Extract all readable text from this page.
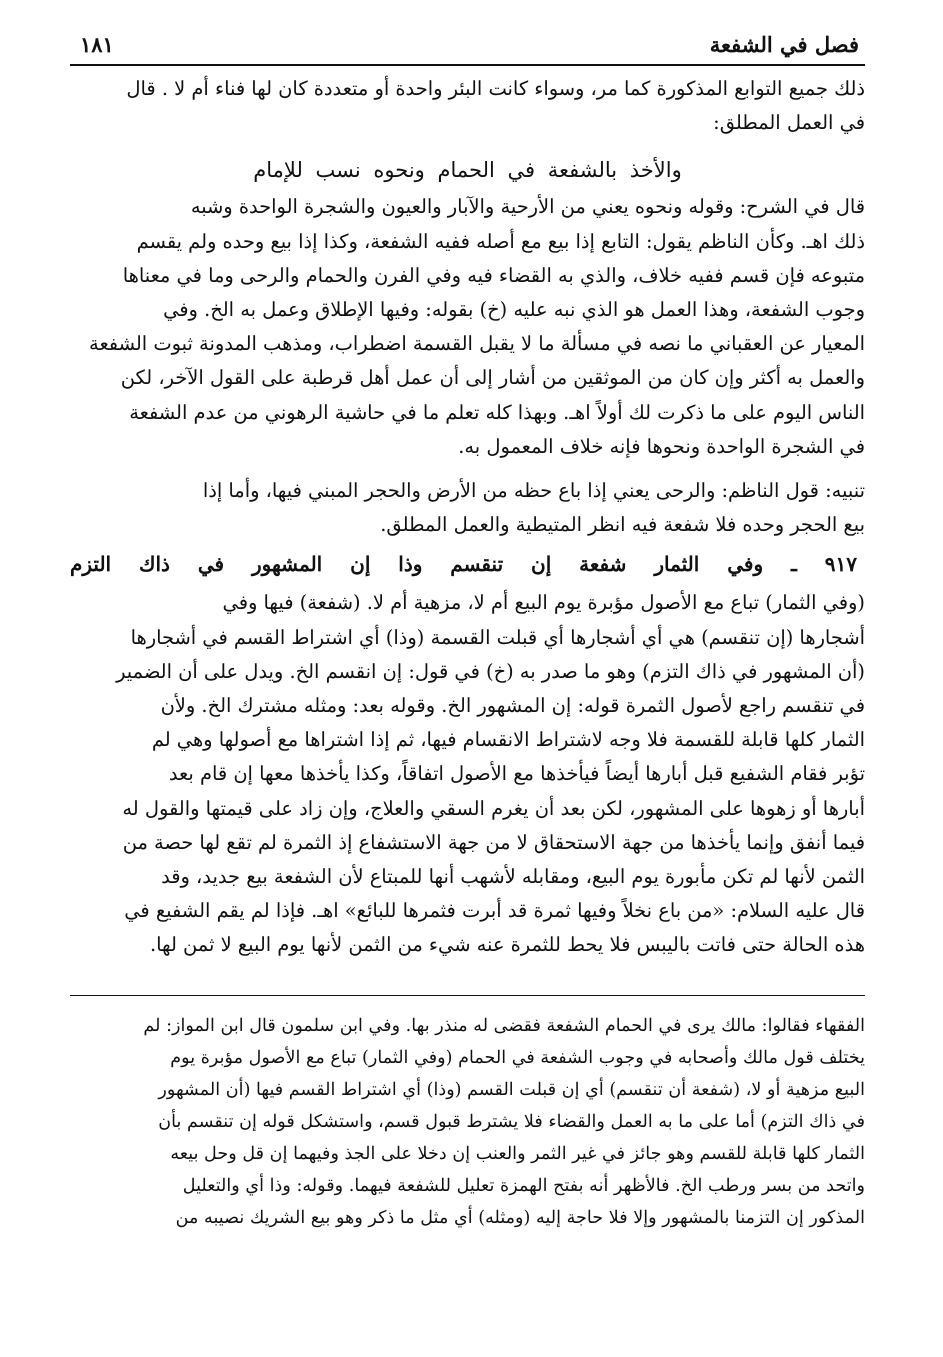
فصل في الشفعة
١٨١

ذلك جميع التوابع المذكورة كما مر، وسواء كانت البئر واحدة أو متعددة كان لها فناء أم لا . قال

في العمل المطلق:

والأخذ بالشفعة في الحمام ونحوه نسب للإمام

قال في الشرح: وقوله ونحوه يعني من الأرحية والآبار والعيون والشجرة الواحدة وشبه

ذلك اهـ. وكأن الناظم يقول: التابع إذا بيع مع أصله ففيه الشفعة، وكذا إذا بيع وحده ولم يقسم

متبوعه فإن قسم ففيه خلاف، والذي به القضاء فيه وفي الفرن والحمام والرحى وما في معناها

وجوب الشفعة، وهذا العمل هو الذي نبه عليه (خ) بقوله: وفيها الإطلاق وعمل به الخ. وفي

المعيار عن العقباني ما نصه في مسألة ما لا يقبل القسمة اضطراب، ومذهب المدونة ثبوت الشفعة

والعمل به أكثر وإن كان من الموثقين من أشار إلى أن عمل أهل قرطبة على القول الآخر، لكن

الناس اليوم على ما ذكرت لك أولاً اهـ. وبهذا كله تعلم ما في حاشية الرهوني من عدم الشفعة

في الشجرة الواحدة ونحوها فإنه خلاف المعمول به.

تنبيه: قول الناظم: والرحى يعني إذا باع حظه من الأرض والحجر المبني فيها، وأما إذا

بيع الحجر وحده فلا شفعة فيه انظر المتيطية والعمل المطلق.

٩١٧ ـ وفي الثمار شفعة إن تنقسم وذا إن المشهور في ذاك التزم

(وفي الثمار) تباع مع الأصول مؤبرة يوم البيع أم لا، مزهية أم لا. (شفعة) فيها وفي

أشجارها (إن تنقسم) هي أي أشجارها أي قبلت القسمة (وذا) أي اشتراط القسم في أشجارها

(أن المشهور في ذاك التزم) وهو ما صدر به (خ) في قول: إن انقسم الخ. ويدل على أن الضمير

في تنقسم راجع لأصول الثمرة قوله: إن المشهور الخ. وقوله بعد: ومثله مشترك الخ. ولأن

الثمار كلها قابلة للقسمة فلا وجه لاشتراط الانقسام فيها، ثم إذا اشتراها مع أصولها وهي لم

تؤبر فقام الشفيع قبل أبارها أيضاً فيأخذها مع الأصول اتفاقاً، وكذا يأخذها معها إن قام بعد

أبارها أو زهوها على المشهور، لكن بعد أن يغرم السقي والعلاج، وإن زاد على قيمتها والقول له

فيما أنفق وإنما يأخذها من جهة الاستحقاق لا من جهة الاستشفاع إذ الثمرة لم تقع لها حصة من

الثمن لأنها لم تكن مأبورة يوم البيع، ومقابله لأشهب أنها للمبتاع لأن الشفعة بيع جديد، وقد

قال عليه السلام: «من باع نخلاً وفيها ثمرة قد أبرت فثمرها للبائع» اهـ. فإذا لم يقم الشفيع في

هذه الحالة حتى فاتت باليبس فلا يحط للثمرة عنه شيء من الثمن لأنها يوم البيع لا ثمن لها.

الفقهاء فقالوا: مالك يرى في الحمام الشفعة فقضى له منذر بها. وفي ابن سلمون قال ابن المواز: لم

يختلف قول مالك وأصحابه في وجوب الشفعة في الحمام (وفي الثمار) تباع مع الأصول مؤبرة يوم

البيع مزهية أو لا، (شفعة أن تنقسم) أي إن قبلت القسم (وذا) أي اشتراط القسم فيها (أن المشهور

في ذاك التزم) أما على ما به العمل والقضاء فلا يشترط قبول قسم، واستشكل قوله إن تنقسم بأن

الثمار كلها قابلة للقسم وهو جائز في غير الثمر والعنب إن دخلا على الجذ وفيهما إن قل وحل بيعه

واتحد من بسر ورطب الخ. فالأظهر أنه بفتح الهمزة تعليل للشفعة فيهما. وقوله: وذا أي والتعليل

المذكور إن التزمنا بالمشهور وإلا فلا حاجة إليه (ومثله) أي مثل ما ذكر وهو بيع الشريك نصيبه من
